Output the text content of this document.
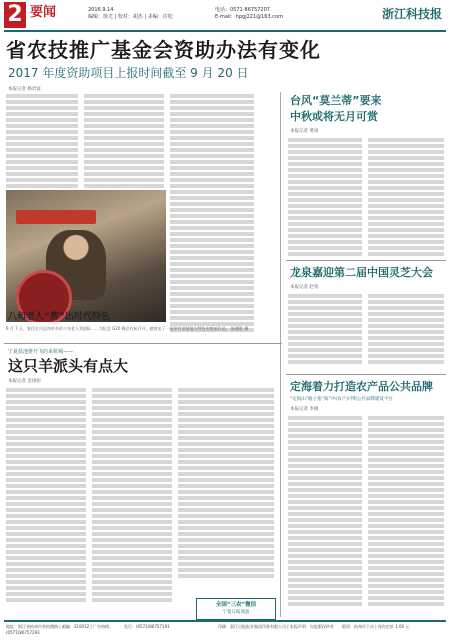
2 要闻	2016.9.14
编辑：徐尤 | 校对：胡杰 | 美编：许松
电话：0571-86757207
E-mail：hpgj221@163.com	浙江科技报
省农技推广基金会资助办法有变化
2017 年度资助项目上报时间截至 9 月 20 日
本报记者 杨贵富
八旬老人“剪”出时代特色
9 月 7 日，家住长兴县岗亭乡的八旬老人刘国标……为纪念 G20 峰会在杭召开，她剪出了一批带有浓郁地方特色的剪纸作品。 陈德胜 摄
宁夏盐池推开飞的来杭城——
这只羊派头有点大
本报记者 金国恒
全国“三农”微信
宁夏日报商盈
台风“莫兰蒂”要来
中秋或将无月可赏
本报记者 黄岗
龙泉嘉迎第二届中国灵芝大会
本报记者 赵勇
定海着力打造农产品公共品牌
“定海山”瓶子指“海”中(农产)可购公共品牌建设平台
本报记者 李刚
地址：浙江省杭州市余杭塘路 | 邮编：310012 | 广告热线：(0571)86757293
发行：(0571)86757191	印刷：浙江日报报业集团印务有限公司 | 本报声明：年报版权所有	版权：杭州市下沙 | 每份定价 1.00 元
